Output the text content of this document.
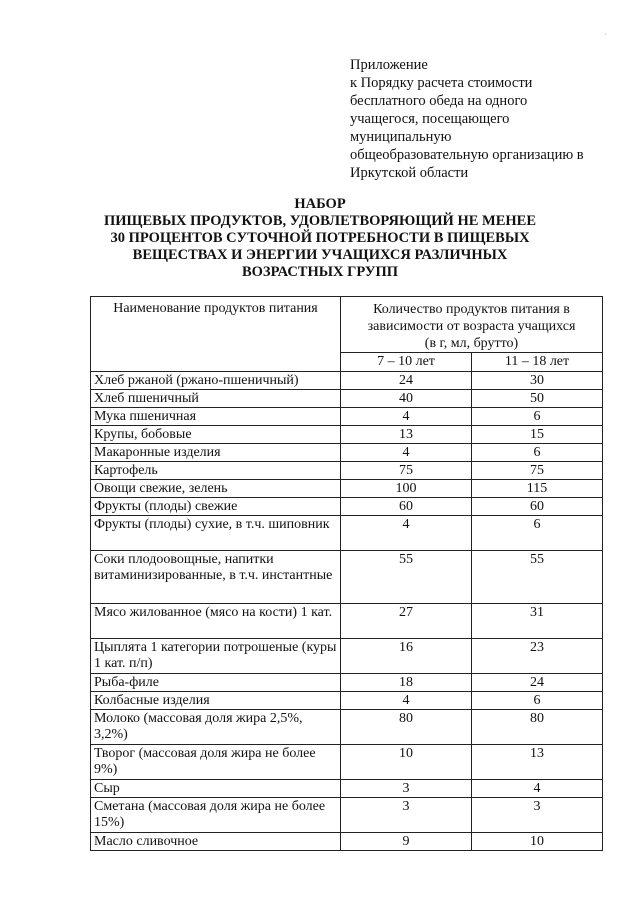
·
Приложение
к Порядку расчета стоимости
бесплатного обеда на одного
учащегося, посещающего
муниципальную
общеобразовательную организацию в
Иркутской области
НАБОР
ПИЩЕВЫХ ПРОДУКТОВ, УДОВЛЕТВОРЯЮЩИЙ НЕ МЕНЕЕ
30 ПРОЦЕНТОВ СУТОЧНОЙ ПОТРЕБНОСТИ В ПИЩЕВЫХ
ВЕЩЕСТВАХ И ЭНЕРГИИ УЧАЩИХСЯ РАЗЛИЧНЫХ
ВОЗРАСТНЫХ ГРУПП
Наименование продуктов питания	Количество продуктов питания в
зависимости от возраста учащихся
(в г, мл, брутто)	

	7 – 10 лет	11 – 18 лет
Хлеб ржаной (ржано-пшеничный)	24	30
Хлеб пшеничный	40	50
Мука пшеничная	4	6
Крупы, бобовые	13	15
Макаронные изделия	4	6
Картофель	75	75
Овощи свежие, зелень	100	115
Фрукты (плоды) свежие	60	60
Фрукты (плоды) сухие, в т.ч. шиповник	4	6
Соки плодоовощные, напитки витаминизированные, в т.ч. инстантные	55	55
Мясо жилованное (мясо на кости) 1 кат.	27	31
Цыплята 1 категории потрошеные (куры 1 кат. п/п)	16	23
Рыба-филе	18	24
Колбасные изделия	4	6
Молоко (массовая доля жира 2,5%, 3,2%)	80	80
Творог (массовая доля жира не более 9%)	10	13
Сыр	3	4
Сметана (массовая доля жира не более 15%)	3	3
Масло сливочное	9	10
